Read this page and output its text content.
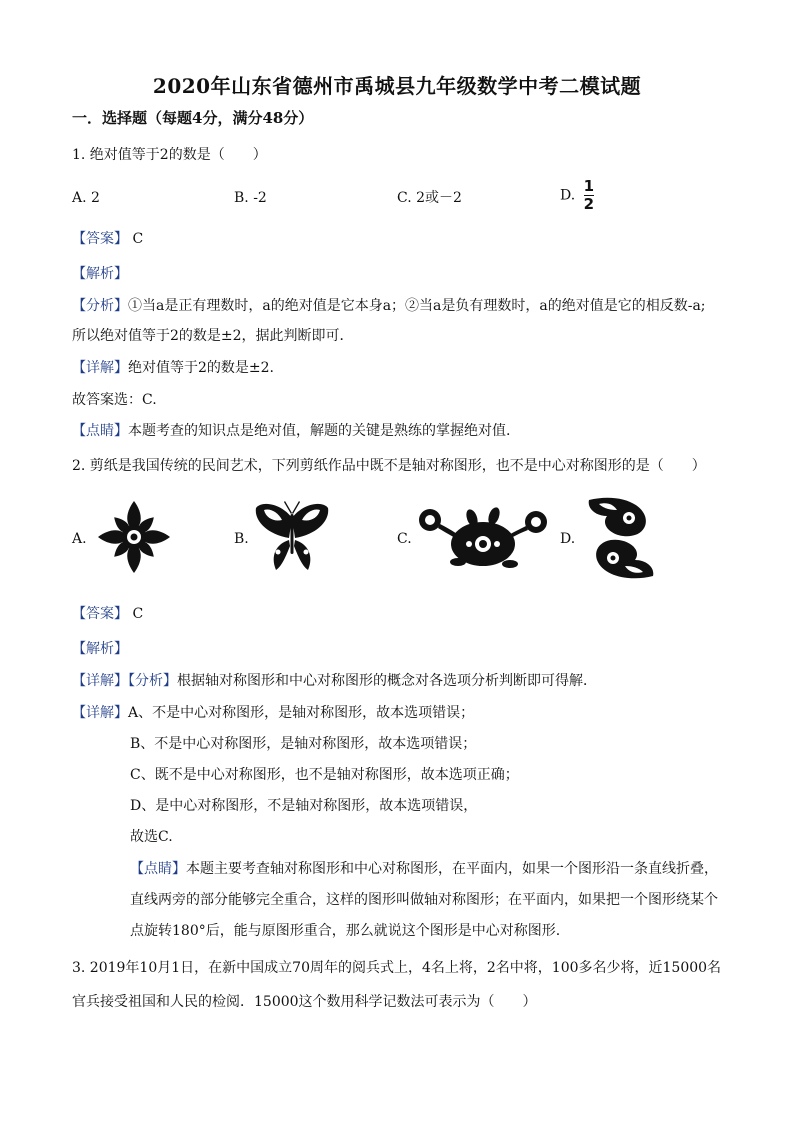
2020年山东省德州市禹城县九年级数学中考二模试题
一．选择题（每题4分，满分48分）
1. 绝对值等于2的数是（　　）
A. 2	B. -2	C. 2或－2	D. $\frac{1}{2}$
【答案】 C
【解析】
【分析】①当a是正有理数时，a的绝对值是它本身a；②当a是负有理数时，a的绝对值是它的相反数-a;
所以绝对值等于2的数是±2，据此判断即可．
【详解】绝对值等于2的数是±2.
故答案选：C.
【点睛】本题考查的知识点是绝对值，解题的关键是熟练的掌握绝对值.
2. 剪纸是我国传统的民间艺术，下列剪纸作品中既不是轴对称图形，也不是中心对称图形的是（　　）
A.	B.	C.	D.
【答案】 C
【解析】
【详解】【分析】根据轴对称图形和中心对称图形的概念对各选项分析判断即可得解．
【详解】A、不是中心对称图形，是轴对称图形，故本选项错误；
B、不是中心对称图形，是轴对称图形，故本选项错误；
C、既不是中心对称图形，也不是轴对称图形，故本选项正确；
D、是中心对称图形，不是轴对称图形，故本选项错误，
故选C.
【点睛】本题主要考查轴对称图形和中心对称图形，在平面内，如果一个图形沿一条直线折叠，
直线两旁的部分能够完全重合，这样的图形叫做轴对称图形；在平面内，如果把一个图形绕某个
点旋转180°后，能与原图形重合，那么就说这个图形是中心对称图形.
3. 2019年10月1日，在新中国成立70周年的阅兵式上，4名上将，2名中将，100多名少将，近15000名
官兵接受祖国和人民的检阅．15000这个数用科学记数法可表示为（　　）
